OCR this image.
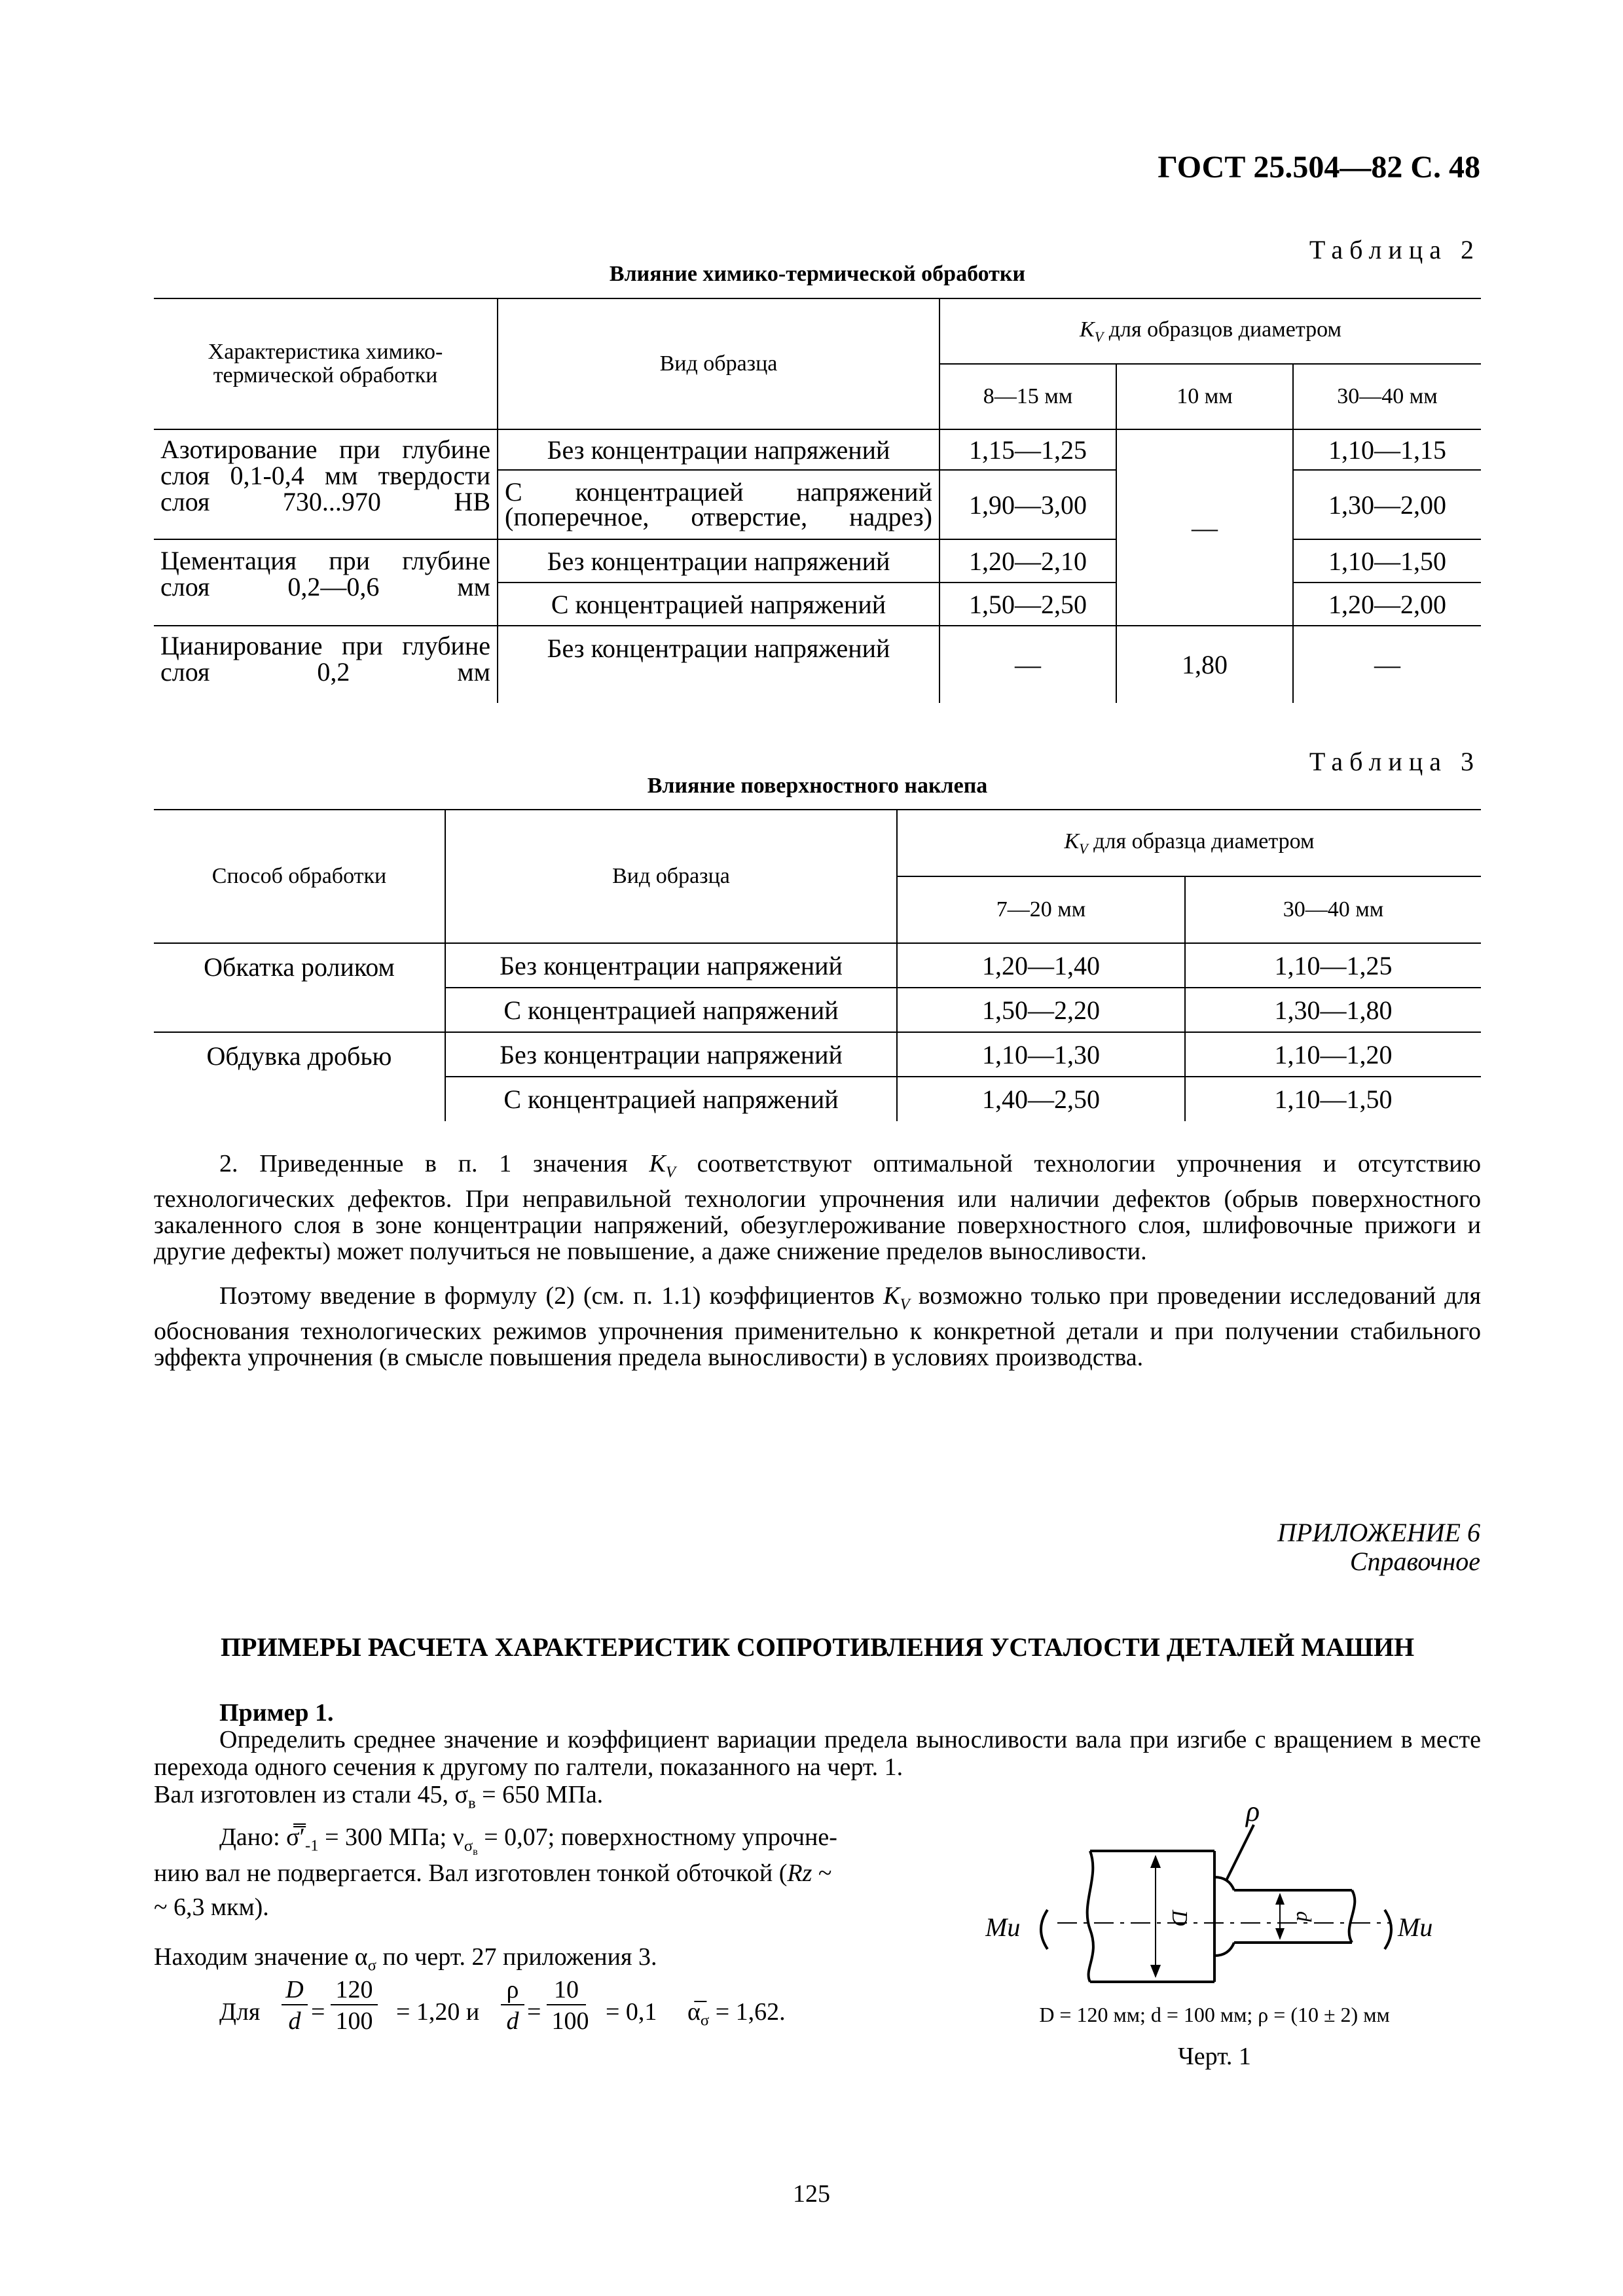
ГОСТ 25.504—82 С. 48
Таблица 2
Влияние химико-термической обработки
Характеристика химико-термической обработки	Вид образца	$K_V$ для образцов диаметром		
		8—15 мм	10 мм	30—40 мм
Азотирование при глубине слоя 0,1-0,4 мм твердости слоя 730...970 HB	Без концентрации напряжений	1,15—1,25	—	1,10—1,15
	С концентрацией напряжений (поперечное, отверстие, надрез)	1,90—3,00		1,30—2,00
Цементация при глубине слоя 0,2—0,6 мм	Без концентрации напряжений	1,20—2,10		1,10—1,50
	С концентрацией напряжений	1,50—2,50		1,20—2,00
Цианирование при глубине слоя 0,2 мм	Без концентрации напряжений	—	1,80	—
Таблица 3
Влияние поверхностного наклепа
Способ обработки	Вид образца	$K_V$ для образца диаметром	
		7—20 мм	30—40 мм
Обкатка роликом	Без концентрации напряжений	1,20—1,40	1,10—1,25
	С концентрацией напряжений	1,50—2,20	1,30—1,80
Обдувка дробью	Без концентрации напряжений	1,10—1,30	1,10—1,20
	С концентрацией напряжений	1,40—2,50	1,10—1,50
2. Приведенные в п. 1 значения $K_V$ соответствуют оптимальной технологии упрочнения и отсутствию технологических дефектов. При неправильной технологии упрочнения или наличии дефектов (обрыв поверхностного закаленного слоя в зоне концентрации напряжений, обезуглероживание поверхностного слоя, шлифовочные прижоги и другие дефекты) может получиться не повышение, а даже снижение пределов выносливости.
Поэтому введение в формулу (2) (см. п. 1.1) коэффициентов $K_V$ возможно только при проведении исследований для обоснования технологических режимов упрочнения применительно к конкретной детали и при получении стабильного эффекта упрочнения (в смысле повышения предела выносливости) в условиях производства.
ПРИЛОЖЕНИЕ 6
Справочное
ПРИМЕРЫ РАСЧЕТА ХАРАКТЕРИСТИК СОПРОТИВЛЕНИЯ УСТАЛОСТИ ДЕТАЛЕЙ МАШИН
Пример 1.
Определить среднее значение и коэффициент вариации предела выносливости вала при изгибе с вращением в месте перехода одного сечения к другому по галтели, показанного на черт. 1.
Вал изготовлен из стали 45, $\sigma_в = 650$ МПа.
Дано: $\sigma̿'_{-1} = 300$ МПа; $\nu_{\sigma_в} = 0,07$; поверхностному упрочне-
нию вал не подвергается. Вал изготовлен тонкой обточкой (Rz ~
~ 6,3 мкм).
Находим значение $\alpha_\sigma$ по черт. 27 приложения 3.
Для
D
d =
120
100 = 1,20 и
ρ
d =
10
100 = 0,1 $\alpha̅_\sigma = 1,62$.
ρ
Ми	Ми
D	d
D = 120 мм; d = 100 мм; ρ = (10 ± 2) мм
Черт. 1
125
